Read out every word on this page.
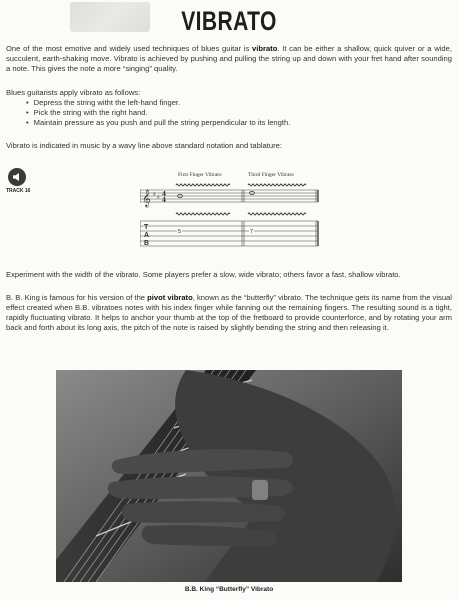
VIBRATO

One of the most emotive and widely used techniques of blues guitar is vibrato. It can be either a shallow, quick quiver or a wide, succulent, earth-shaking move. Vibrato is achieved by pushing and pulling the string up and down with your fret hand after sounding a note. This gives the note a more “singing” quality.

Blues guitarists apply vibrato as follows:

• Depress the string witht the left-hand finger.
• Pick the string with the right hand.
• Maintain pressure as you push and pull the string perpendicular to its length.

Vibrato is indicated in music by a wavy line above standard notation and tablature:

TRACK 16
First Finger Vibrato	Third Finger Vibrato
𝄞 ♯ ♯ 4
4
T
A
B
5	7

Experiment with the width of the vibrato. Some players prefer a slow, wide vibrato; others favor a fast, shallow vibrato.

B. B. King is famous for his version of the pivot vibrato, known as the “butterfly” vibrato. The technique gets its name from the visual effect created when B.B. vibratoes notes with his index finger while fanning out the remaining fingers. The resulting sound is a tight, rapidly fluctuating vibrato. It helps to anchor your thumb at the top of the fretboard to provide counterforce, and by rotating your arm back and forth about its long axis, the pitch of the note is raised by slightly bending the string and then releasing it.

B.B. King “Butterfly” Vibrato
